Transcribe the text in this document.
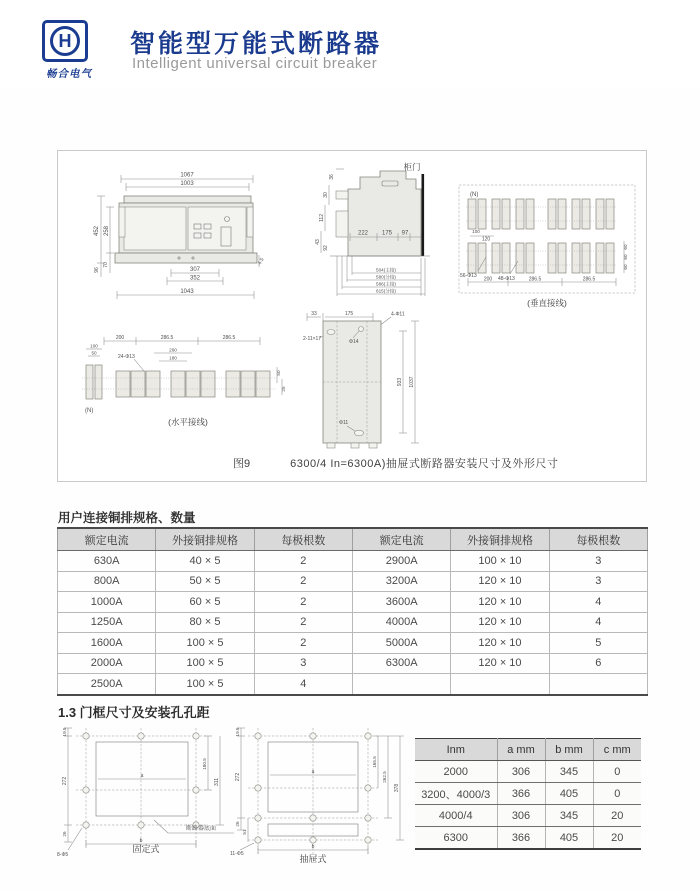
H
畅合电气
智能型万能式断路器
Intelligent universal circuit breaker
1067
1003
452 258
96
70
307
352
1043
4.5
柜门
36
30
112
43
92
222 175 97
504(主接)
580(分接)
586(主接)
615(分接)
(N)
100
120
56-Φ13	48-Φ13
200	286.5	286.5
60
60
60
(垂直接线)
200	286.5	286.5
100
50
24-Φ13
260
180
50
25
(N)
(水平接线)
33	175	4-Φ11
2-11×17	Φ14
Φ11
933 1037
图9	6300/4 In=6300A)抽屉式断路器安装尺寸及外形尺寸
用户连接铜排规格、数量
额定电流	外接铜排规格	每极根数	额定电流	外接铜排规格	每极根数
630A	40 × 5	2	2900A	100 × 10	3
800A	50 × 5	2	3200A	120 × 10	3
1000A	60 × 5	2	3600A	120 × 10	4
1250A	80 × 5	2	4000A	120 × 10	4
1600A	100 × 5	2	5000A	120 × 10	5
2000A	100 × 5	3	6300A	120 × 10	6
2500A	100 × 5	4			
1.3 门框尺寸及安装孔孔距
19.5
272
26
a
b
180.5
311
8-Φ5
断路器底面
固定式
19.5
272
26
51
a
b
165.5
262.5
378
11-Φ5	抽屉式
Inm	a mm	b mm	c mm
2000	306	345	0
3200、4000/3	366	405	0
4000/4	306	345	20
6300	366	405	20
